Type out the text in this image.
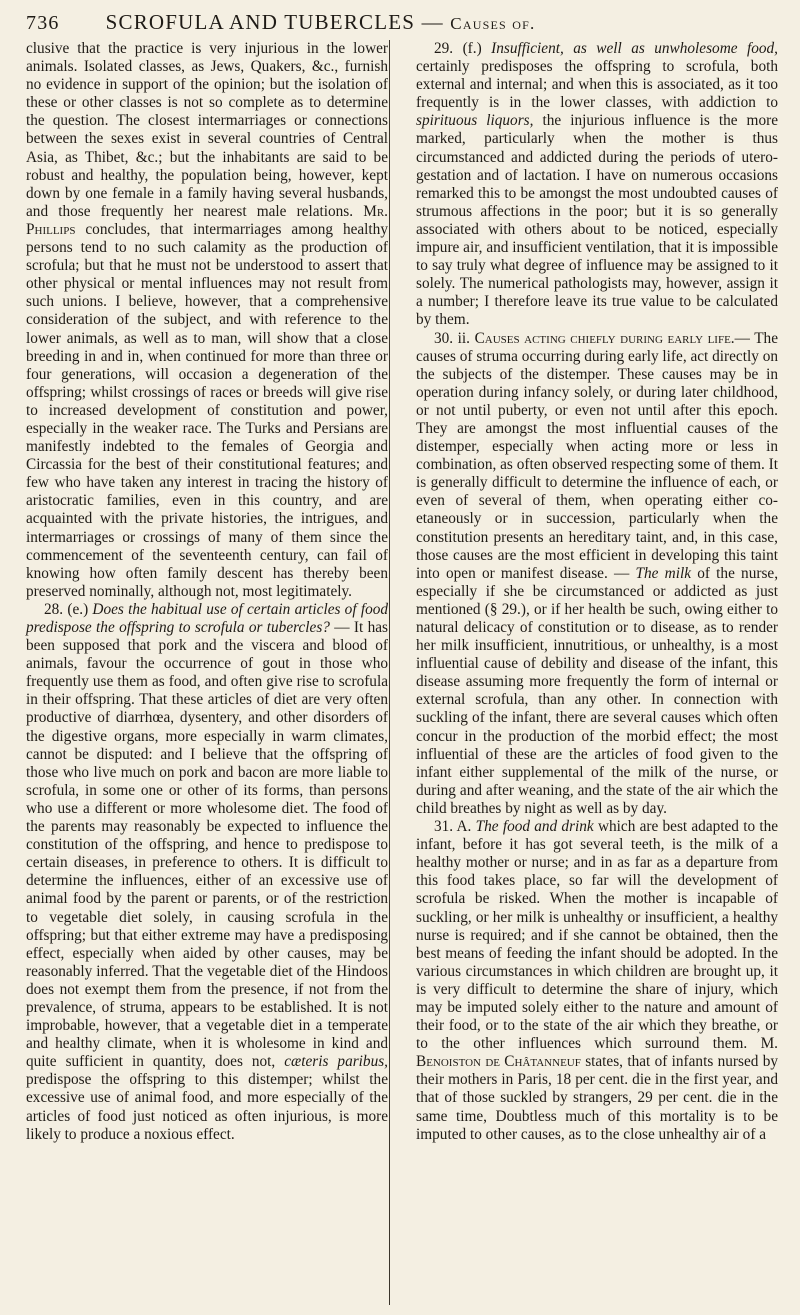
736 SCROFULA AND TUBERCLES — Causes of.

clusive that the practice is very injurious in the lower animals. Isolated classes, as Jews, Quakers, &c., furnish no evidence in support of the opinion; but the isolation of these or other classes is not so complete as to determine the question. The closest intermarriages or connections between the sexes exist in several countries of Central Asia, as Thibet, &c.; but the inhabitants are said to be robust and healthy, the population being, however, kept down by one female in a family having several husbands, and those frequently her nearest male relations. Mr. Phillips concludes, that intermarriages among healthy persons tend to no such calamity as the production of scrofula; but that he must not be understood to assert that other physical or mental influences may not result from such unions. I believe, however, that a comprehensive consideration of the subject, and with reference to the lower animals, as well as to man, will show that a close breeding in and in, when continued for more than three or four generations, will occasion a degeneration of the offspring; whilst crossings of races or breeds will give rise to increased development of constitution and power, especially in the weaker race. The Turks and Persians are manifestly indebted to the females of Georgia and Circassia for the best of their constitutional features; and few who have taken any interest in tracing the history of aristocratic families, even in this country, and are acquainted with the private histories, the intrigues, and intermarriages or crossings of many of them since the commencement of the seventeenth century, can fail of knowing how often family descent has thereby been preserved nominally, although not, most legitimately.

28. (e.) Does the habitual use of certain articles of food predispose the offspring to scrofula or tubercles? — It has been supposed that pork and the viscera and blood of animals, favour the occurrence of gout in those who frequently use them as food, and often give rise to scrofula in their offspring. That these articles of diet are very often productive of diarrhœa, dysentery, and other disorders of the digestive organs, more especially in warm climates, cannot be disputed: and I believe that the offspring of those who live much on pork and bacon are more liable to scrofula, in some one or other of its forms, than persons who use a different or more wholesome diet. The food of the parents may reasonably be expected to influence the constitution of the offspring, and hence to predispose to certain diseases, in preference to others. It is difficult to determine the influences, either of an excessive use of animal food by the parent or parents, or of the restriction to vegetable diet solely, in causing scrofula in the offspring; but that either extreme may have a predisposing effect, especially when aided by other causes, may be reasonably inferred. That the vegetable diet of the Hindoos does not exempt them from the presence, if not from the prevalence, of struma, appears to be established. It is not improbable, however, that a vegetable diet in a temperate and healthy climate, when it is wholesome in kind and quite sufficient in quantity, does not, cæteris paribus, predispose the offspring to this distemper; whilst the excessive use of animal food, and more especially of the articles of food just noticed as often injurious, is more likely to produce a noxious effect.

29. (f.) Insufficient, as well as unwholesome food, certainly predisposes the offspring to scrofula, both external and internal; and when this is associated, as it too frequently is in the lower classes, with addiction to spirituous liquors, the injurious influence is the more marked, particularly when the mother is thus circumstanced and addicted during the periods of utero-gestation and of lactation. I have on numerous occasions remarked this to be amongst the most undoubted causes of strumous affections in the poor; but it is so generally associated with others about to be noticed, especially impure air, and insufficient ventilation, that it is impossible to say truly what degree of influence may be assigned to it solely. The numerical pathologists may, however, assign it a number; I therefore leave its true value to be calculated by them.

30. ii. Causes acting chiefly during early life.— The causes of struma occurring during early life, act directly on the subjects of the distemper. These causes may be in operation during infancy solely, or during later childhood, or not until puberty, or even not until after this epoch. They are amongst the most influential causes of the distemper, especially when acting more or less in combination, as often observed respecting some of them. It is generally difficult to determine the influence of each, or even of several of them, when operating either co-etaneously or in succession, particularly when the constitution presents an hereditary taint, and, in this case, those causes are the most efficient in developing this taint into open or manifest disease. — The milk of the nurse, especially if she be circumstanced or addicted as just mentioned (§ 29.), or if her health be such, owing either to natural delicacy of constitution or to disease, as to render her milk insufficient, innutritious, or unhealthy, is a most influential cause of debility and disease of the infant, this disease assuming more frequently the form of internal or external scrofula, than any other. In connection with suckling of the infant, there are several causes which often concur in the production of the morbid effect; the most influential of these are the articles of food given to the infant either supplemental of the milk of the nurse, or during and after weaning, and the state of the air which the child breathes by night as well as by day.

31. A. The food and drink which are best adapted to the infant, before it has got several teeth, is the milk of a healthy mother or nurse; and in as far as a departure from this food takes place, so far will the development of scrofula be risked. When the mother is incapable of suckling, or her milk is unhealthy or insufficient, a healthy nurse is required; and if she cannot be obtained, then the best means of feeding the infant should be adopted. In the various circumstances in which children are brought up, it is very difficult to determine the share of injury, which may be imputed solely either to the nature and amount of their food, or to the state of the air which they breathe, or to the other influences which surround them. M. Benoiston de Châtanneuf states, that of infants nursed by their mothers in Paris, 18 per cent. die in the first year, and that of those suckled by strangers, 29 per cent. die in the same time, Doubtless much of this mortality is to be imputed to other causes, as to the close unhealthy air of a
